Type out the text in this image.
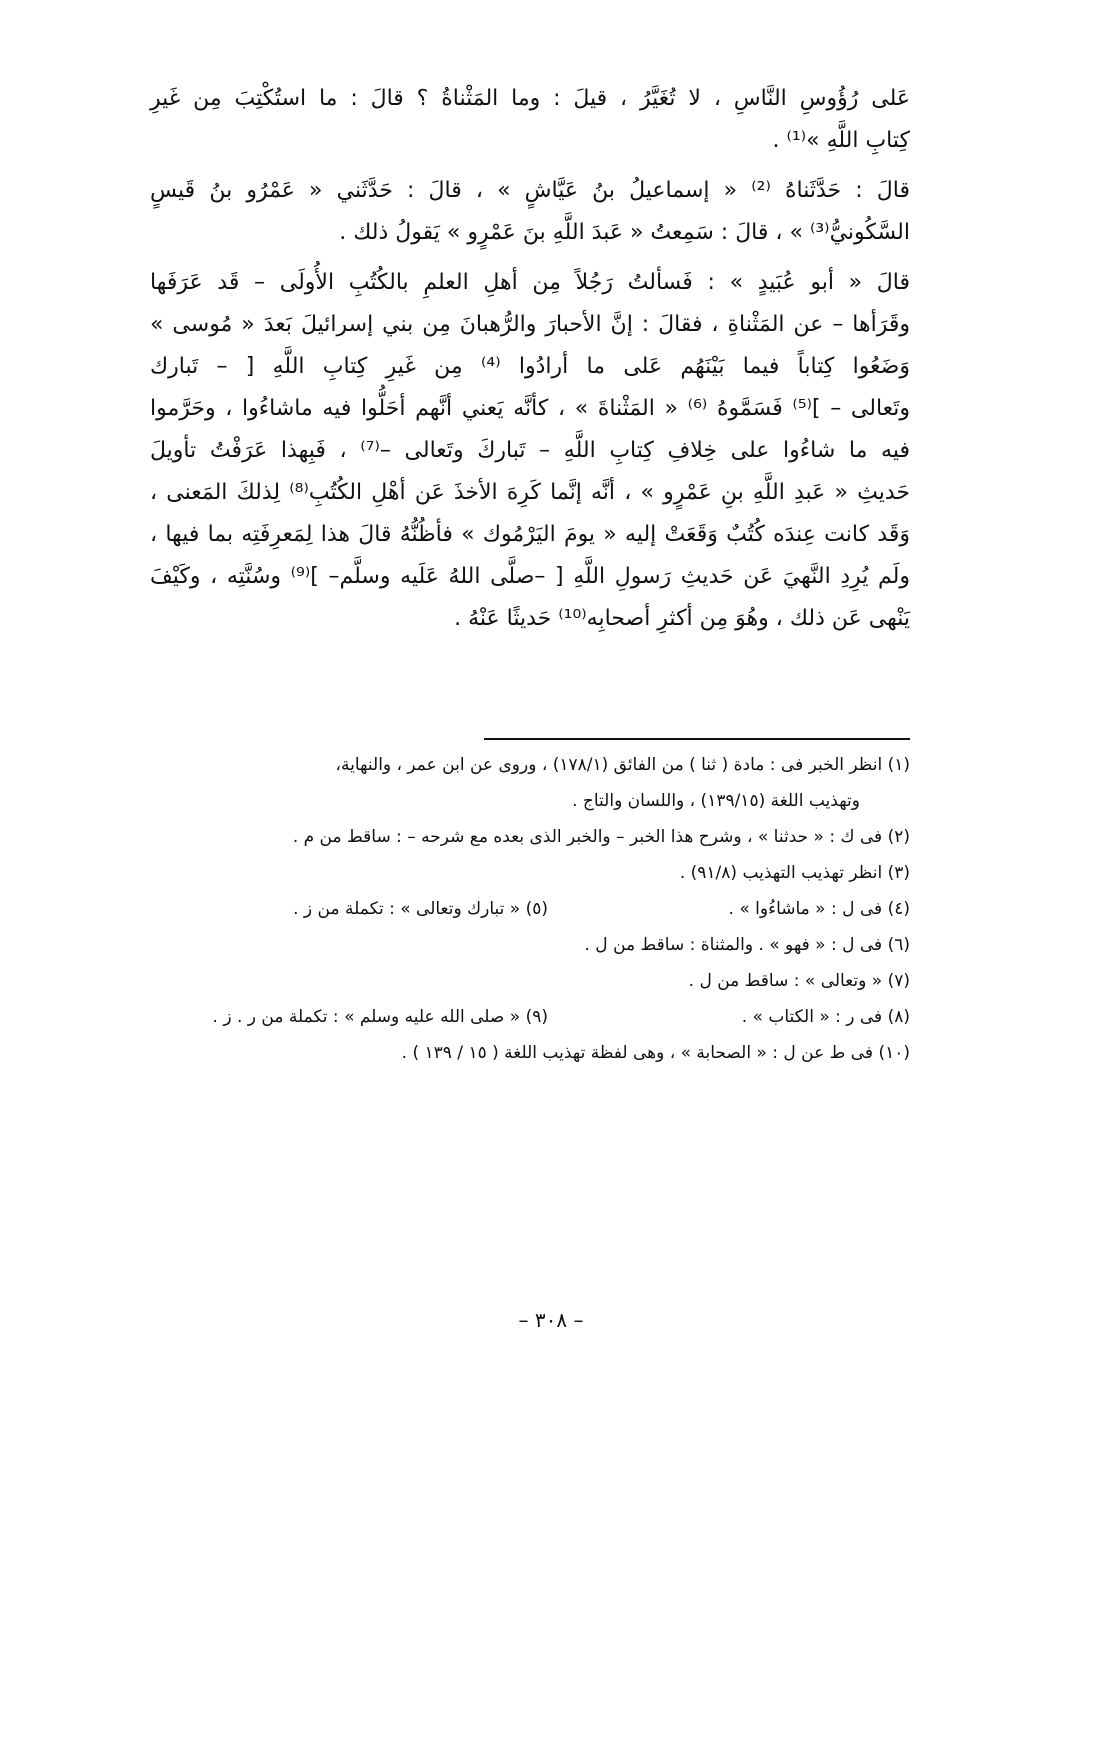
عَلى رُؤُوسِ النَّاسِ ، لا تُغَيَّرُ ، قيلَ : وما المَثْناةُ ؟ قالَ : ما استُكْتِبَ مِن غَيرِ
كِتابِ اللَّهِ »⁽¹⁾ .
قالَ : حَدَّثَناهُ ⁽²⁾ « إسماعيلُ بنُ عَيَّاشٍ » ، قالَ : حَدَّثَني « عَمْرُو بنُ قَيسٍ
السَّكُونيُّ⁽³⁾ » ، قالَ : سَمِعتُ « عَبدَ اللَّهِ بنَ عَمْرٍو » يَقولُ ذلك .
قالَ « أبو عُبَيدٍ » : فَسألتُ رَجُلاً مِن أهلِ العلمِ بالكُتُبِ الأُولَى – قَد عَرَفَها
وقَرَأها – عن المَثْناةِ ، فقالَ : إنَّ الأحبارَ والرُّهبانَ مِن بني إسرائيلَ بَعدَ « مُوسى »
وَضَعُوا كِتاباً فيما بَيْنَهُم عَلى ما أرادُوا ⁽⁴⁾ مِن غَيرِ كِتابِ اللَّهِ [ – تَبارك
وتَعالى – ]⁽⁵⁾ فَسَمَّوهُ ⁽⁶⁾ « المَثْناةَ » ، كأنَّه يَعني أنَّهم أحَلُّوا فيه ماشاءُوا ، وحَرَّموا
فيه ما شاءُوا على خِلافِ كِتابِ اللَّهِ – تَباركَ وتَعالى –⁽⁷⁾ ، فَبِهذا عَرَفْتُ تأويلَ
حَديثِ « عَبدِ اللَّهِ بنِ عَمْرٍو » ، أنَّه إنَّما كَرِهَ الأخذَ عَن أهْلِ الكُتُبِ⁽⁸⁾ لِذلكَ المَعنى ،
وَقَد كانت عِندَه كُتُبٌ وَقَعَتْ إليه « يومَ اليَرْمُوك » فأظُنُّهُ قالَ هذا لِمَعرِفَتِه بما فيها ،
ولَم يُرِدِ النَّهيَ عَن حَديثِ رَسولِ اللَّهِ [ –صلَّى اللهُ عَلَيه وسلَّم– ]⁽⁹⁾ وسُنَّتِه ، وكَيْفَ
يَنْهى عَن ذلك ، وهُوَ مِن أكثرِ أصحابِه⁽¹⁰⁾ حَديثًا عَنْهُ .
(١) انظر الخبر فى : مادة ( ثنا ) من الفائق (١٧٨/١) ، وروى عن ابن عمر ، والنهاية،
وتهذيب اللغة (١٣٩/١٥) ، واللسان والتاج .
(٢) فى ك : « حدثنا » ، وشرح هذا الخبر – والخبر الذى بعده مع شرحه – : ساقط من م .
(٣) انظر تهذيب التهذيب (٩١/٨) .
(٤) فى ل : « ماشاءُوا » .
(٥) « تبارك وتعالى » : تكملة من ز .
(٦) فى ل : « فهو » . والمثناة : ساقط من ل .
(٧) « وتعالى » : ساقط من ل .
(٨) فى ر : « الكتاب » .
(٩) « صلى الله عليه وسلم » : تكملة من ر . ز .
(١٠) فى ط عن ل : « الصحابة » ، وهى لفظة تهذيب اللغة ( ١٥ / ١٣٩ ) .
– ٣٠٨ –
